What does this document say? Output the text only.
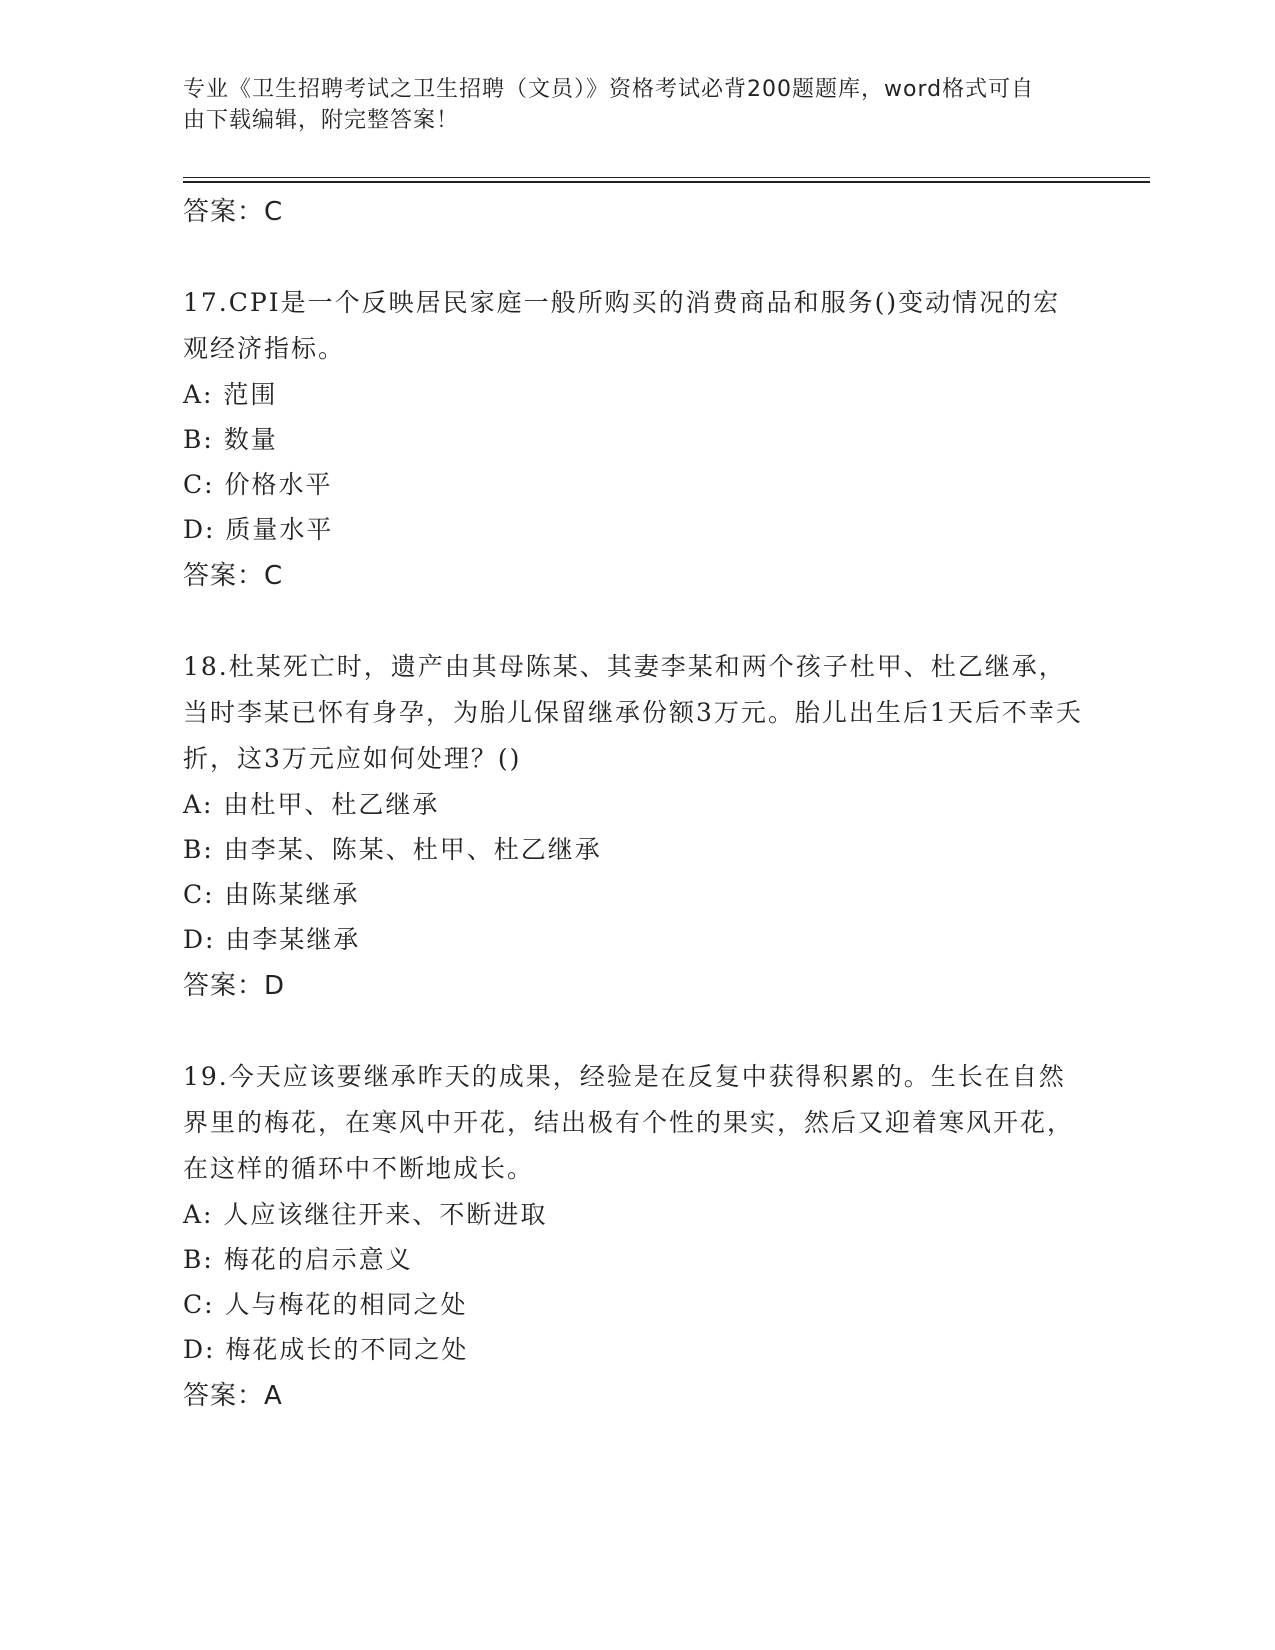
专业《卫生招聘考试之卫生招聘（文员）》资格考试必背200题题库，word格式可自由下载编辑，附完整答案！
答案：C
17.CPI是一个反映居民家庭一般所购买的消费商品和服务()变动情况的宏观经济指标。
A: 范围
B: 数量
C: 价格水平
D: 质量水平
答案：C
18.杜某死亡时，遗产由其母陈某、其妻李某和两个孩子杜甲、杜乙继承，当时李某已怀有身孕，为胎儿保留继承份额3万元。胎儿出生后1天后不幸夭折，这3万元应如何处理？()
A: 由杜甲、杜乙继承
B: 由李某、陈某、杜甲、杜乙继承
C: 由陈某继承
D: 由李某继承
答案：D
19.今天应该要继承昨天的成果，经验是在反复中获得积累的。生长在自然界里的梅花，在寒风中开花，结出极有个性的果实，然后又迎着寒风开花，在这样的循环中不断地成长。
A: 人应该继往开来、不断进取
B: 梅花的启示意义
C: 人与梅花的相同之处
D: 梅花成长的不同之处
答案：A
